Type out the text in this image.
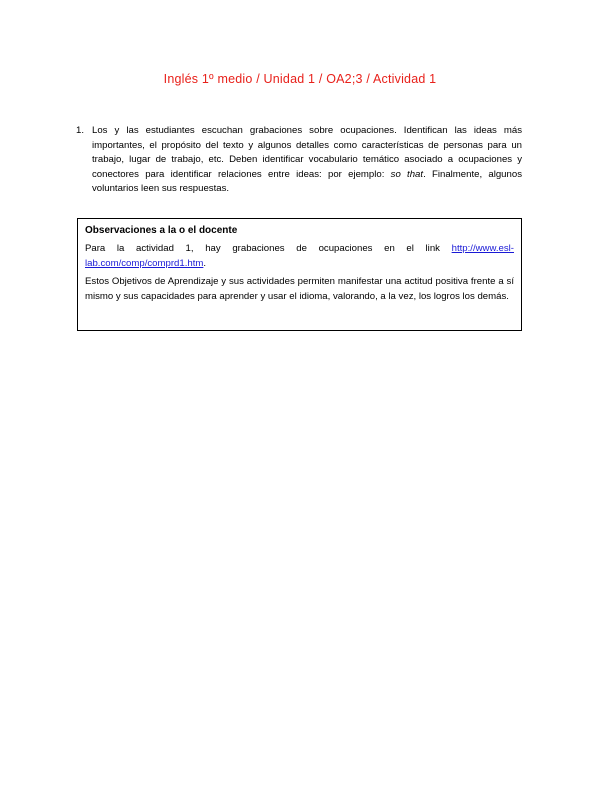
Inglés 1º medio / Unidad 1 / OA2;3 / Actividad 1
1. Los y las estudiantes escuchan grabaciones sobre ocupaciones. Identifican las ideas más importantes, el propósito del texto y algunos detalles como características de personas para un trabajo, lugar de trabajo, etc. Deben identificar vocabulario temático asociado a ocupaciones y conectores para identificar relaciones entre ideas: por ejemplo: so that. Finalmente, algunos voluntarios leen sus respuestas.

Observaciones a la o el docente

Para la actividad 1, hay grabaciones de ocupaciones en el link http://www.esl-lab.com/comp/comprd1.htm.

Estos Objetivos de Aprendizaje y sus actividades permiten manifestar una actitud positiva frente a sí mismo y sus capacidades para aprender y usar el idioma, valorando, a la vez, los logros los demás.
